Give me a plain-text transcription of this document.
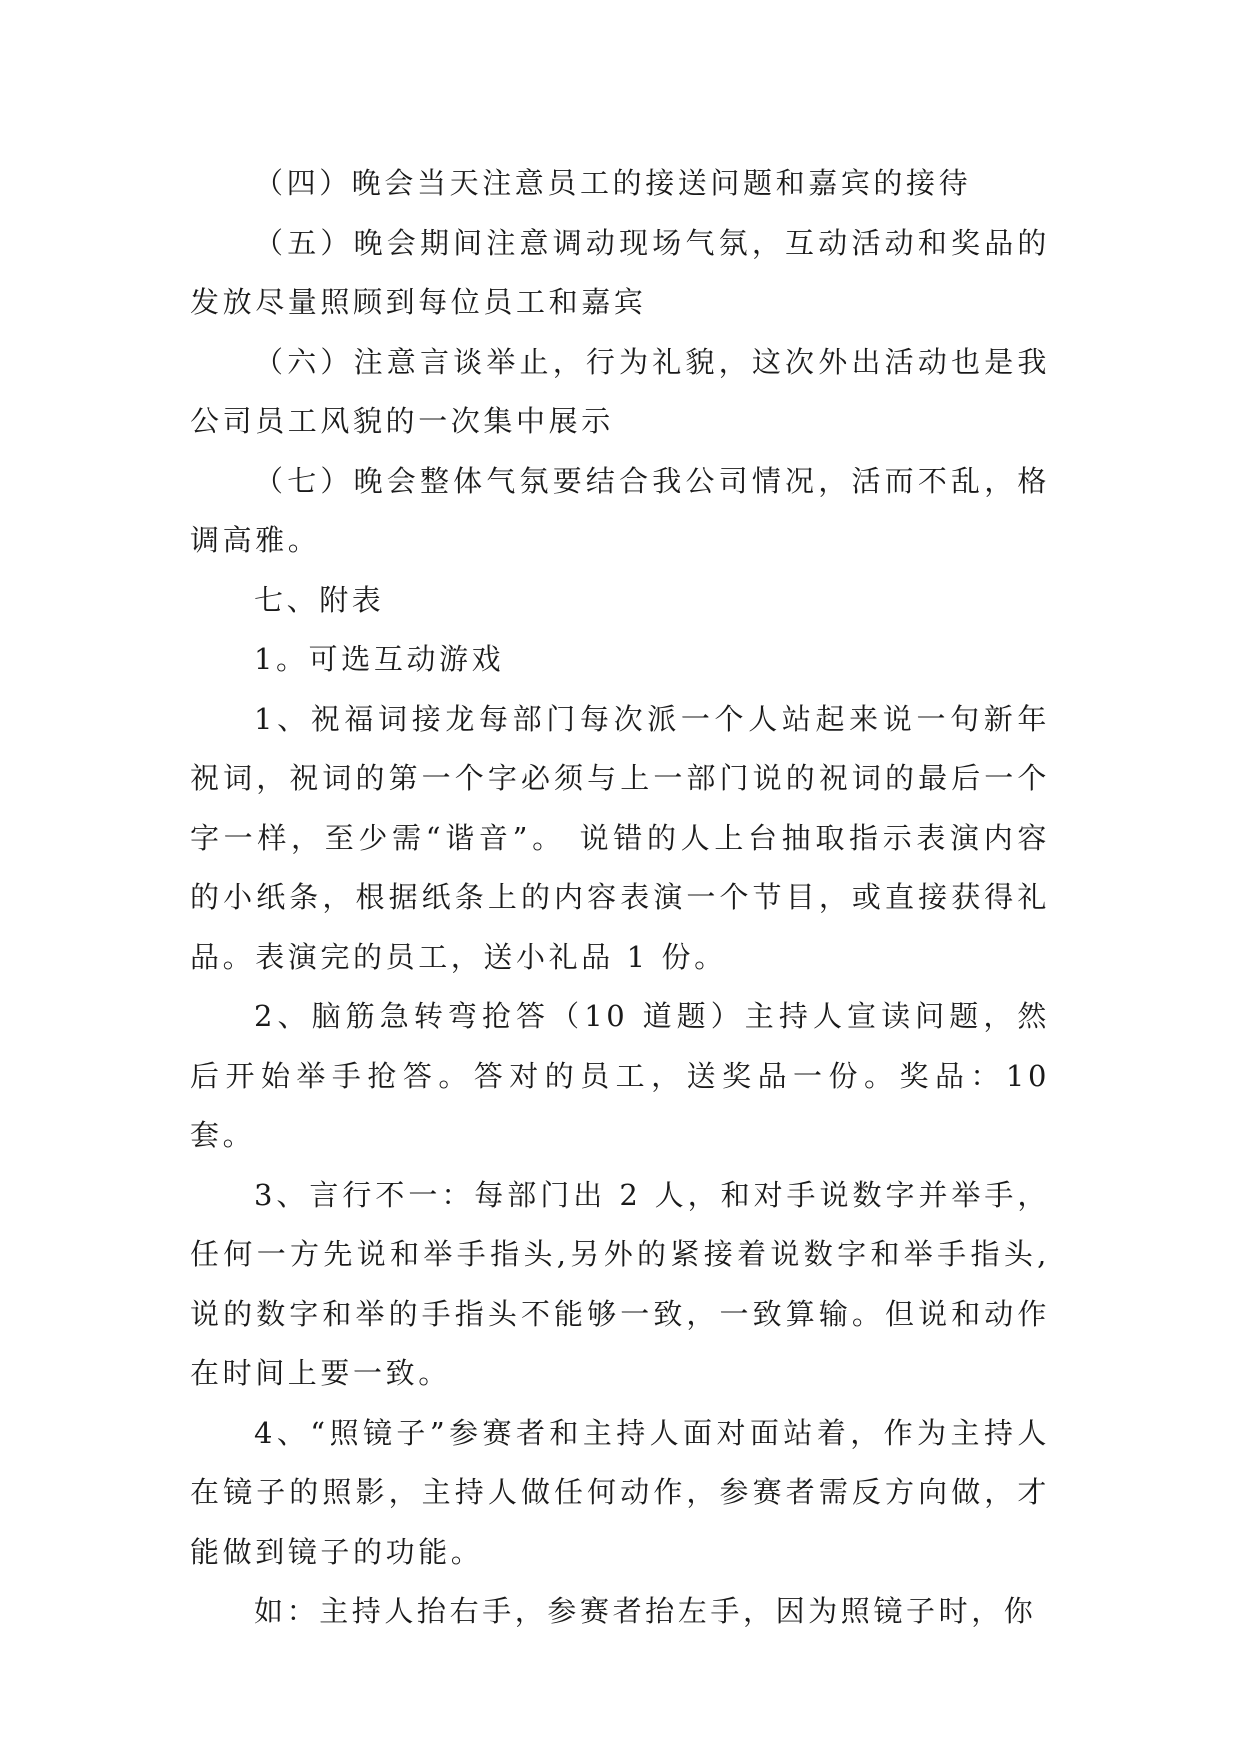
（四）晚会当天注意员工的接送问题和嘉宾的接待

（五）晚会期间注意调动现场气氛，互动活动和奖品的发放尽量照顾到每位员工和嘉宾

（六）注意言谈举止，行为礼貌，这次外出活动也是我公司员工风貌的一次集中展示

（七）晚会整体气氛要结合我公司情况，活而不乱，格调高雅。

七、附表

1。可选互动游戏

1、祝福词接龙每部门每次派一个人站起来说一句新年祝词，祝词的第一个字必须与上一部门说的祝词的最后一个字一样，至少需“谐音”。 说错的人上台抽取指示表演内容的小纸条，根据纸条上的内容表演一个节目，或直接获得礼品。表演完的员工，送小礼品 1 份。

2、脑筋急转弯抢答（10 道题）主持人宣读问题，然后开始举手抢答。答对的员工，送奖品一份。奖品：10 套。

3、言行不一：每部门出 2 人，和对手说数字并举手，任何一方先说和举手指头,另外的紧接着说数字和举手指头,说的数字和举的手指头不能够一致，一致算输。但说和动作在时间上要一致。

4、“照镜子”参赛者和主持人面对面站着，作为主持人在镜子的照影，主持人做任何动作，参赛者需反方向做，才能做到镜子的功能。

如：主持人抬右手，参赛者抬左手，因为照镜子时，你
